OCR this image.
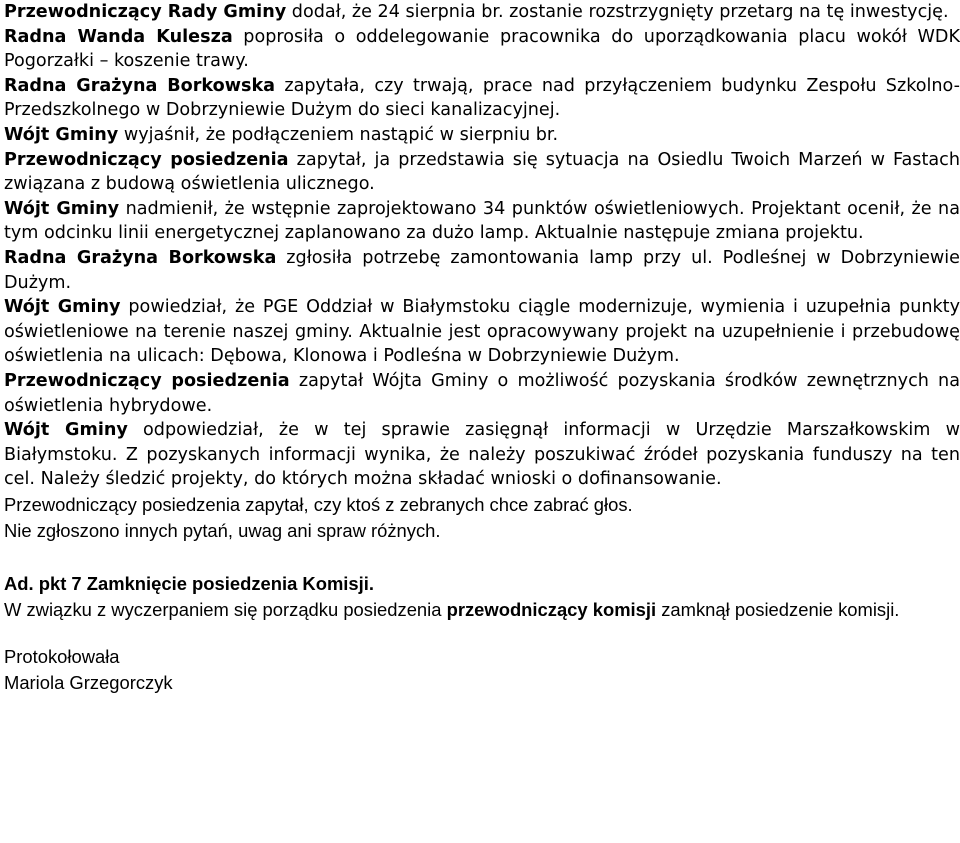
Przewodniczący Rady Gminy dodał, że 24 sierpnia br. zostanie rozstrzygnięty przetarg na tę inwestycję.

Radna Wanda Kulesza poprosiła o oddelegowanie pracownika do uporządkowania placu wokół WDK Pogorzałki – koszenie trawy.

Radna Grażyna Borkowska zapytała, czy trwają, prace nad przyłączeniem budynku Zespołu Szkolno-Przedszkolnego w Dobrzyniewie Dużym do sieci kanalizacyjnej.

Wójt Gminy wyjaśnił, że podłączeniem nastąpić w sierpniu br.

Przewodniczący posiedzenia zapytał, ja przedstawia się sytuacja na Osiedlu Twoich Marzeń w Fastach związana z budową oświetlenia ulicznego.

Wójt Gminy nadmienił, że wstępnie zaprojektowano 34 punktów oświetleniowych. Projektant ocenił, że na tym odcinku linii energetycznej zaplanowano za dużo lamp. Aktualnie następuje zmiana projektu.

Radna Grażyna Borkowska zgłosiła potrzebę zamontowania lamp przy ul. Podleśnej w Dobrzyniewie Dużym.

Wójt Gminy powiedział, że PGE Oddział w Białymstoku ciągle modernizuje, wymienia i uzupełnia punkty oświetleniowe na terenie naszej gminy. Aktualnie jest opracowywany projekt na uzupełnienie i przebudowę oświetlenia na ulicach: Dębowa, Klonowa i Podleśna w Dobrzyniewie Dużym.

Przewodniczący posiedzenia zapytał Wójta Gminy o możliwość pozyskania środków zewnętrznych na oświetlenia hybrydowe.

Wójt Gminy odpowiedział, że w tej sprawie zasięgnął informacji w Urzędzie Marszałkowskim w Białymstoku. Z pozyskanych informacji wynika, że należy poszukiwać źródeł pozyskania funduszy na ten cel. Należy śledzić projekty, do których można składać wnioski o dofinansowanie.

Przewodniczący posiedzenia zapytał, czy ktoś z zebranych chce zabrać głos.

Nie zgłoszono innych pytań, uwag ani spraw różnych.

Ad. pkt 7 Zamknięcie posiedzenia Komisji.

W związku z wyczerpaniem się porządku posiedzenia przewodniczący komisji zamknął posiedzenie komisji.

Protokołowała

Mariola Grzegorczyk
